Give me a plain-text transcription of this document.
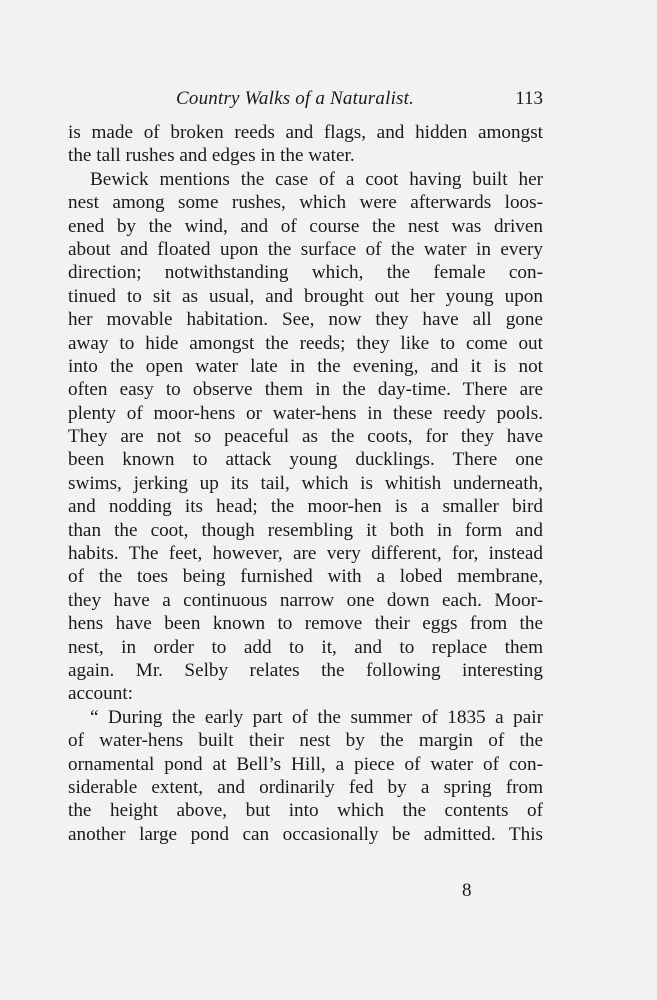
Country Walks of a Naturalist.	113
is made of broken reeds and flags, and hidden amongst
the tall rushes and edges in the water.
Bewick mentions the case of a coot having built her
nest among some rushes, which were afterwards loos-
ened by the wind, and of course the nest was driven
about and floated upon the surface of the water in every
direction; notwithstanding which, the female con-
tinued to sit as usual, and brought out her young upon
her movable habitation. See, now they have all gone
away to hide amongst the reeds; they like to come out
into the open water late in the evening, and it is not
often easy to observe them in the day-time. There are
plenty of moor-hens or water-hens in these reedy pools.
They are not so peaceful as the coots, for they have
been known to attack young ducklings. There one
swims, jerking up its tail, which is whitish underneath,
and nodding its head; the moor-hen is a smaller bird
than the coot, though resembling it both in form and
habits. The feet, however, are very different, for, instead
of the toes being furnished with a lobed membrane,
they have a continuous narrow one down each. Moor-
hens have been known to remove their eggs from the
nest, in order to add to it, and to replace them
again. Mr. Selby relates the following interesting
account:
“ During the early part of the summer of 1835 a pair
of water-hens built their nest by the margin of the
ornamental pond at Bell’s Hill, a piece of water of con-
siderable extent, and ordinarily fed by a spring from
the height above, but into which the contents of
another large pond can occasionally be admitted. This
8
